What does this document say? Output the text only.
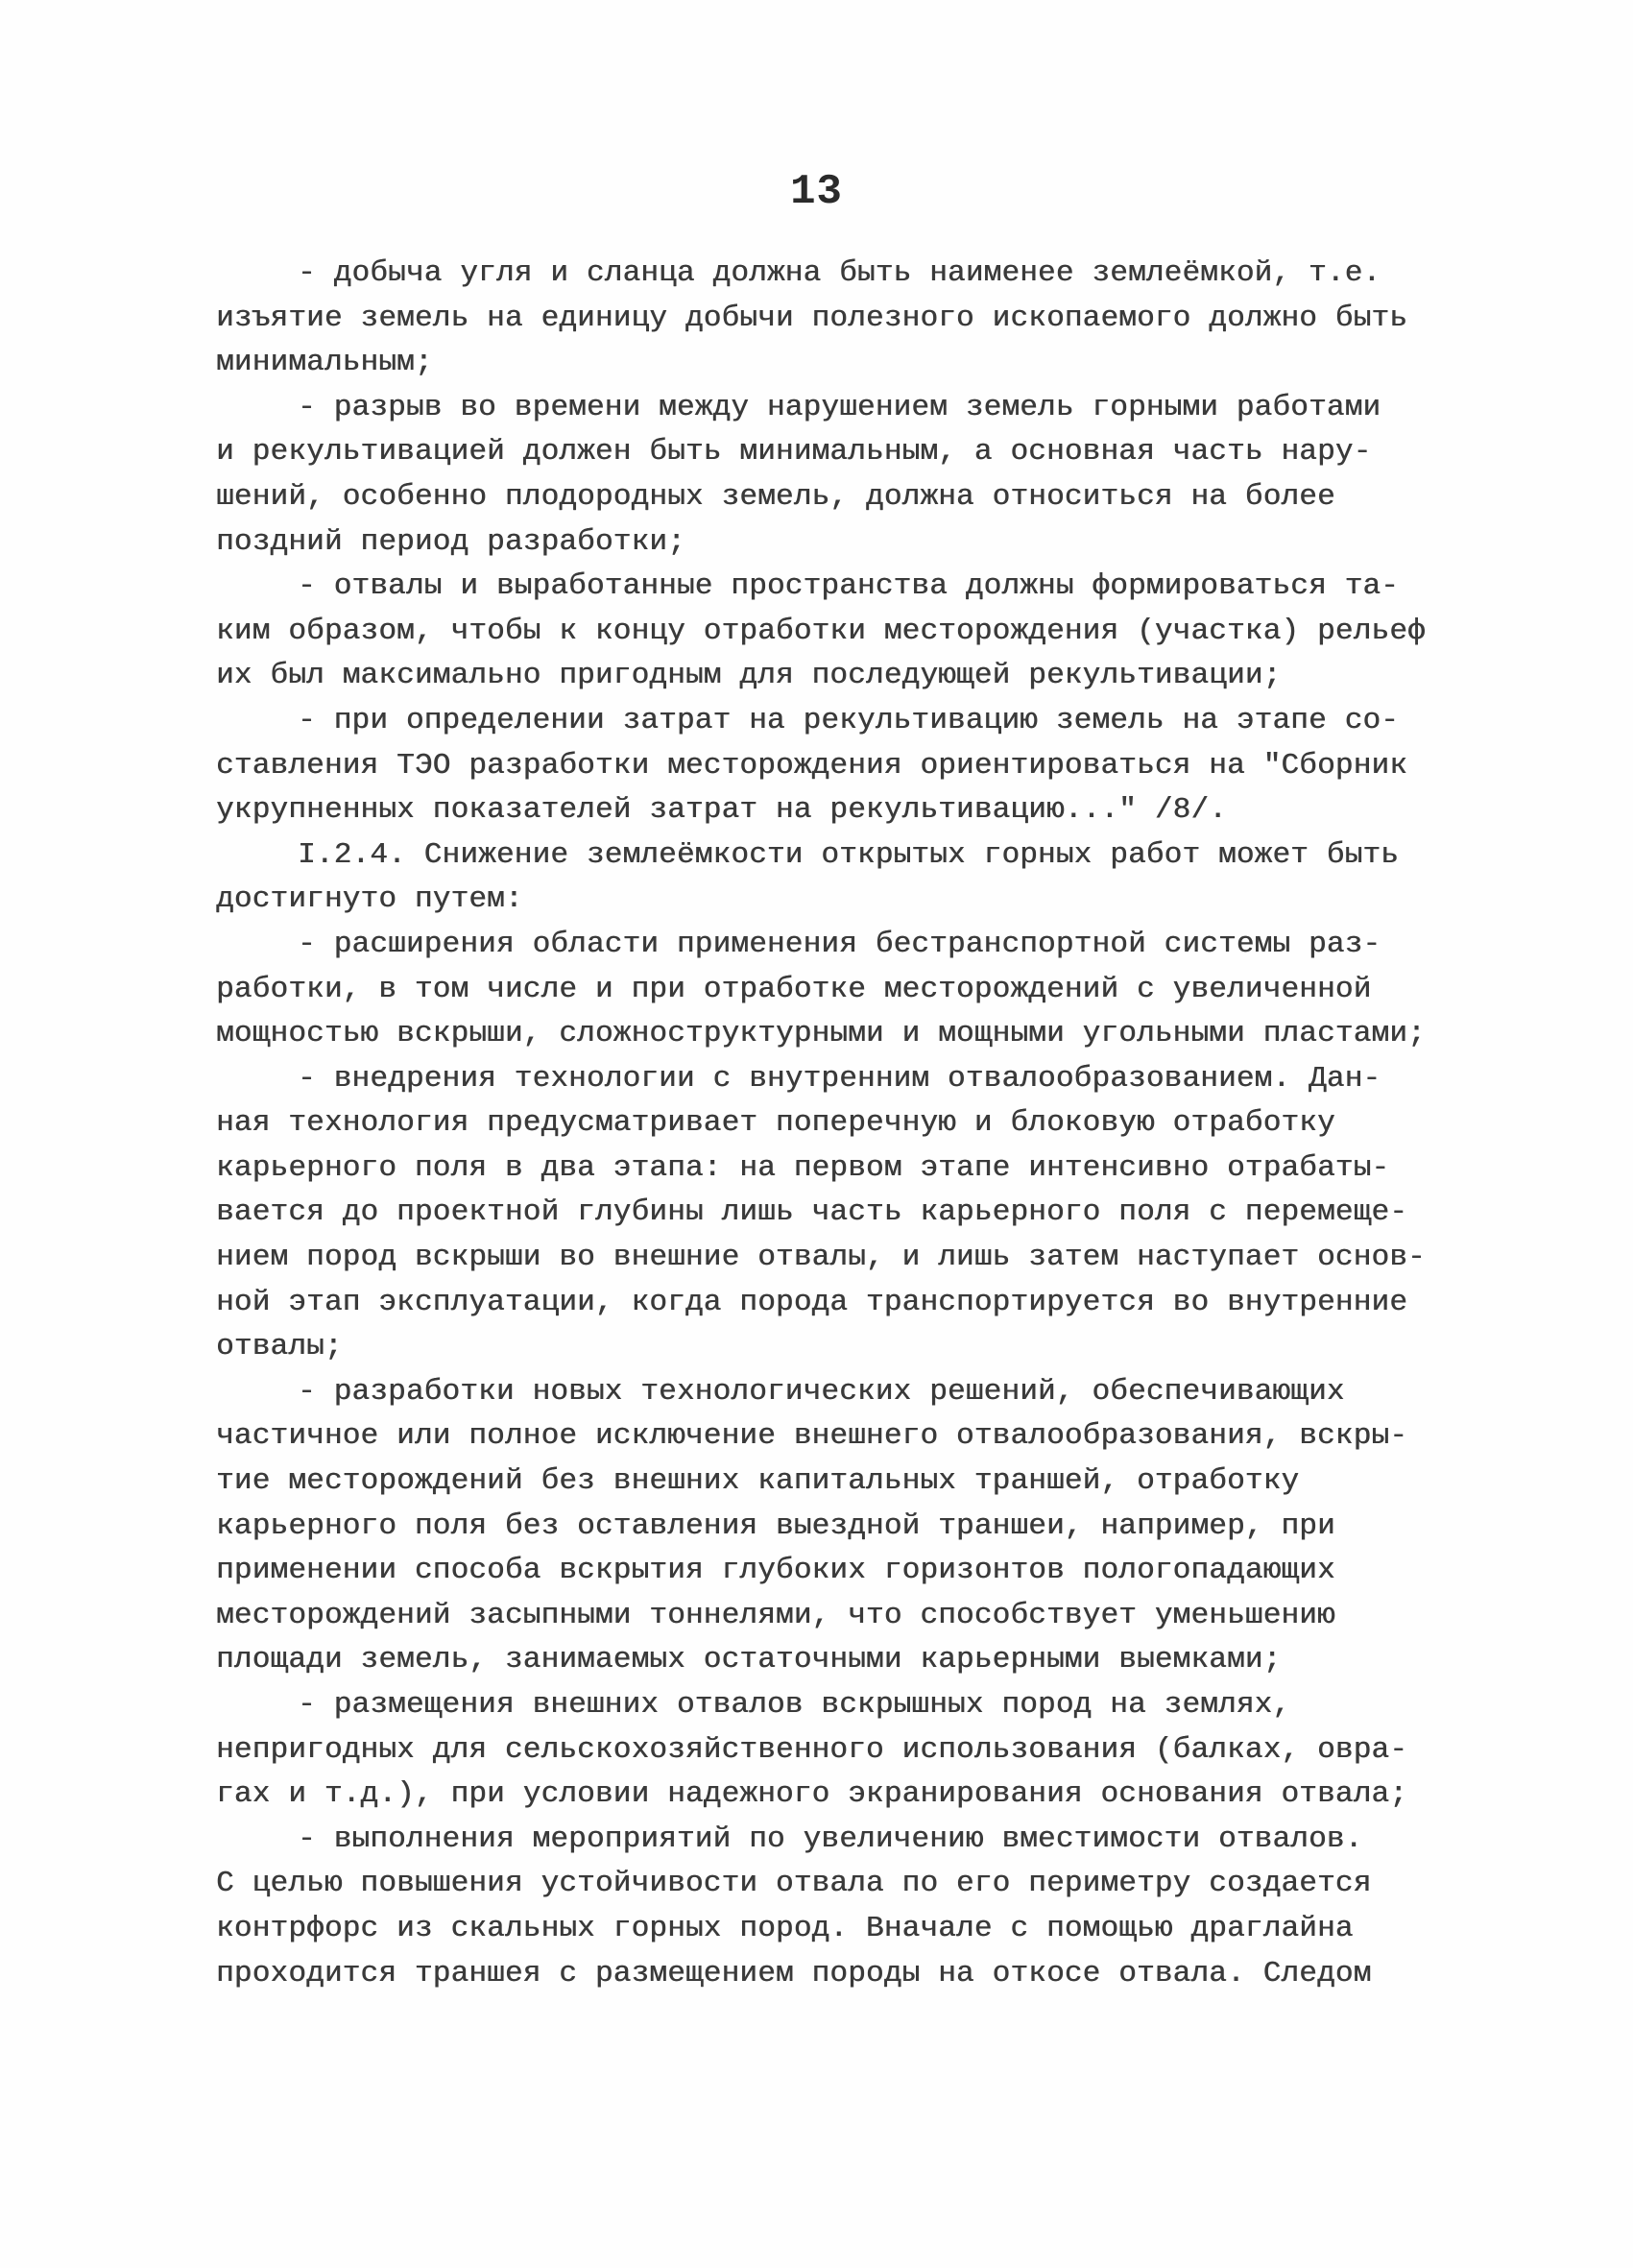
13
- добыча угля и сланца должна быть наименее землеёмкой, т.е.
изъятие земель на единицу добычи полезного ископаемого должно быть
минимальным;
- разрыв во времени между нарушением земель горными работами
и рекультивацией должен быть минимальным, а основная часть нару-
шений, особенно плодородных земель, должна относиться на более
поздний период разработки;
- отвалы и выработанные пространства должны формироваться та-
ким образом, чтобы к концу отработки месторождения (участка) рельеф
их был максимально пригодным для последующей рекультивации;
- при определении затрат на рекультивацию земель на этапе со-
ставления ТЭО разработки месторождения ориентироваться на "Сборник
укрупненных показателей затрат на рекультивацию..." /8/.
I.2.4. Снижение землеёмкости открытых горных работ может быть
достигнуто путем:
- расширения области применения бестранспортной системы раз-
работки, в том числе и при отработке месторождений с увеличенной
мощностью вскрыши, сложноструктурными и мощными угольными пластами;
- внедрения технологии с внутренним отвалообразованием. Дан-
ная технология предусматривает поперечную и блоковую отработку
карьерного поля в два этапа: на первом этапе интенсивно отрабаты-
вается до проектной глубины лишь часть карьерного поля с перемеще-
нием пород вскрыши во внешние отвалы, и лишь затем наступает основ-
ной этап эксплуатации, когда порода транспортируется во внутренние
отвалы;
- разработки новых технологических решений, обеспечивающих
частичное или полное исключение внешнего отвалообразования, вскры-
тие месторождений без внешних капитальных траншей, отработку
карьерного поля без оставления выездной траншеи, например, при
применении способа вскрытия глубоких горизонтов пологопадающих
месторождений засыпными тоннелями, что способствует уменьшению
площади земель, занимаемых остаточными карьерными выемками;
- размещения внешних отвалов вскрышных пород на землях,
непригодных для сельскохозяйственного использования (балках, овра-
гах и т.д.), при условии надежного экранирования основания отвала;
- выполнения мероприятий по увеличению вместимости отвалов.
С целью повышения устойчивости отвала по его периметру создается
контрфорс из скальных горных пород. Вначале с помощью драглайна
проходится траншея с размещением породы на откосе отвала. Следом
